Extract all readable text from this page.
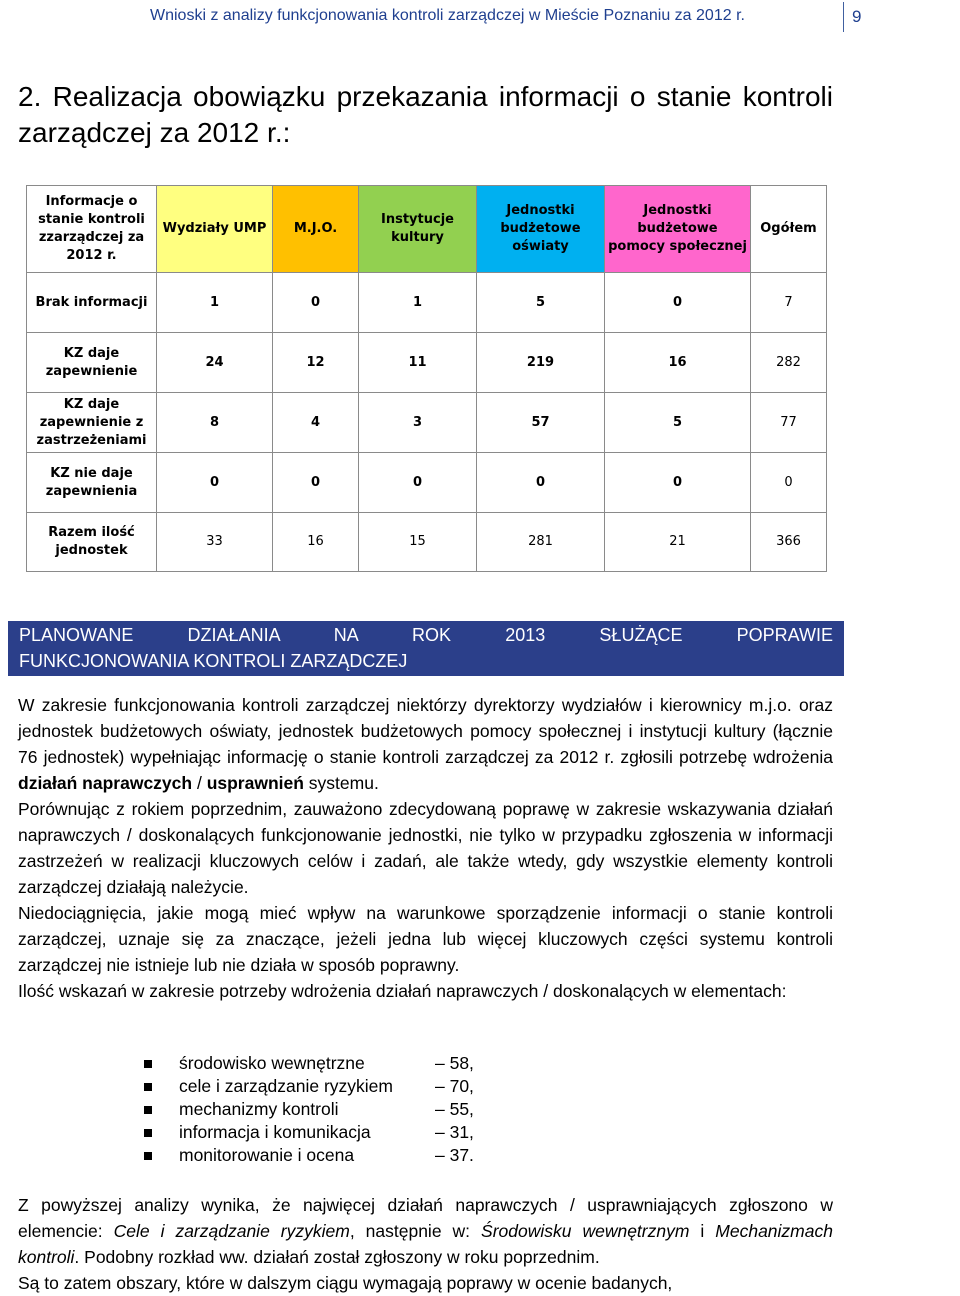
Wnioski z analizy funkcjonowania kontroli zarządczej w Mieście Poznaniu za 2012 r.	9
2. Realizacja obowiązku przekazania informacji o stanie kontroli zarządczej za 2012 r.:
Informacje o stanie kontroli zzarządczej za 2012 r.	Wydziały UMP	M.J.O.	Instytucje kultury	Jednostki budżetowe oświaty	Jednostki budżetowe pomocy społecznej	Ogółem
Brak informacji	1	0	1	5	0	7
KZ daje zapewnienie	24	12	11	219	16	282
KZ daje zapewnienie z zastrzeżeniami	8	4	3	57	5	77
KZ nie daje zapewnienia	0	0	0	0	0	0
Razem ilość jednostek	33	16	15	281	21	366
PLANOWANE DZIAŁANIA NA ROK 2013 SŁUŻĄCE POPRAWIE
FUNKCJONOWANIA KONTROLI ZARZĄDCZEJ

W zakresie funkcjonowania kontroli zarządczej niektórzy dyrektorzy wydziałów i kierownicy m.j.o. oraz jednostek budżetowych oświaty, jednostek budżetowych pomocy społecznej i instytucji kultury (łącznie 76 jednostek) wypełniając informację o stanie kontroli zarządczej za 2012 r. zgłosili potrzebę wdrożenia działań naprawczych / usprawnień systemu.

Porównując z rokiem poprzednim, zauważono zdecydowaną poprawę w zakresie wskazywania działań naprawczych / doskonalących funkcjonowanie jednostki, nie tylko w przypadku zgłoszenia w informacji zastrzeżeń w realizacji kluczowych celów i zadań, ale także wtedy, gdy wszystkie elementy kontroli zarządczej działają należycie.

Niedociągnięcia, jakie mogą mieć wpływ na warunkowe sporządzenie informacji o stanie kontroli zarządczej, uznaje się za znaczące, jeżeli jedna lub więcej kluczowych części systemu kontroli zarządczej nie istnieje lub nie działa w sposób poprawny.

Ilość wskazań w zakresie potrzeby wdrożenia działań naprawczych / doskonalących w elementach:

środowisko wewnętrzne	– 58,
cele i zarządzanie ryzykiem	– 70,
mechanizmy kontroli	– 55,
informacja i komunikacja	– 31,
monitorowanie i ocena	– 37.

Z powyższej analizy wynika, że najwięcej działań naprawczych / usprawniających zgłoszono w elemencie: Cele i zarządzanie ryzykiem, następnie w: Środowisku wewnętrznym i Mechanizmach kontroli. Podobny rozkład ww. działań został zgłoszony w roku poprzednim.

Są to zatem obszary, które w dalszym ciągu wymagają poprawy w ocenie badanych,
